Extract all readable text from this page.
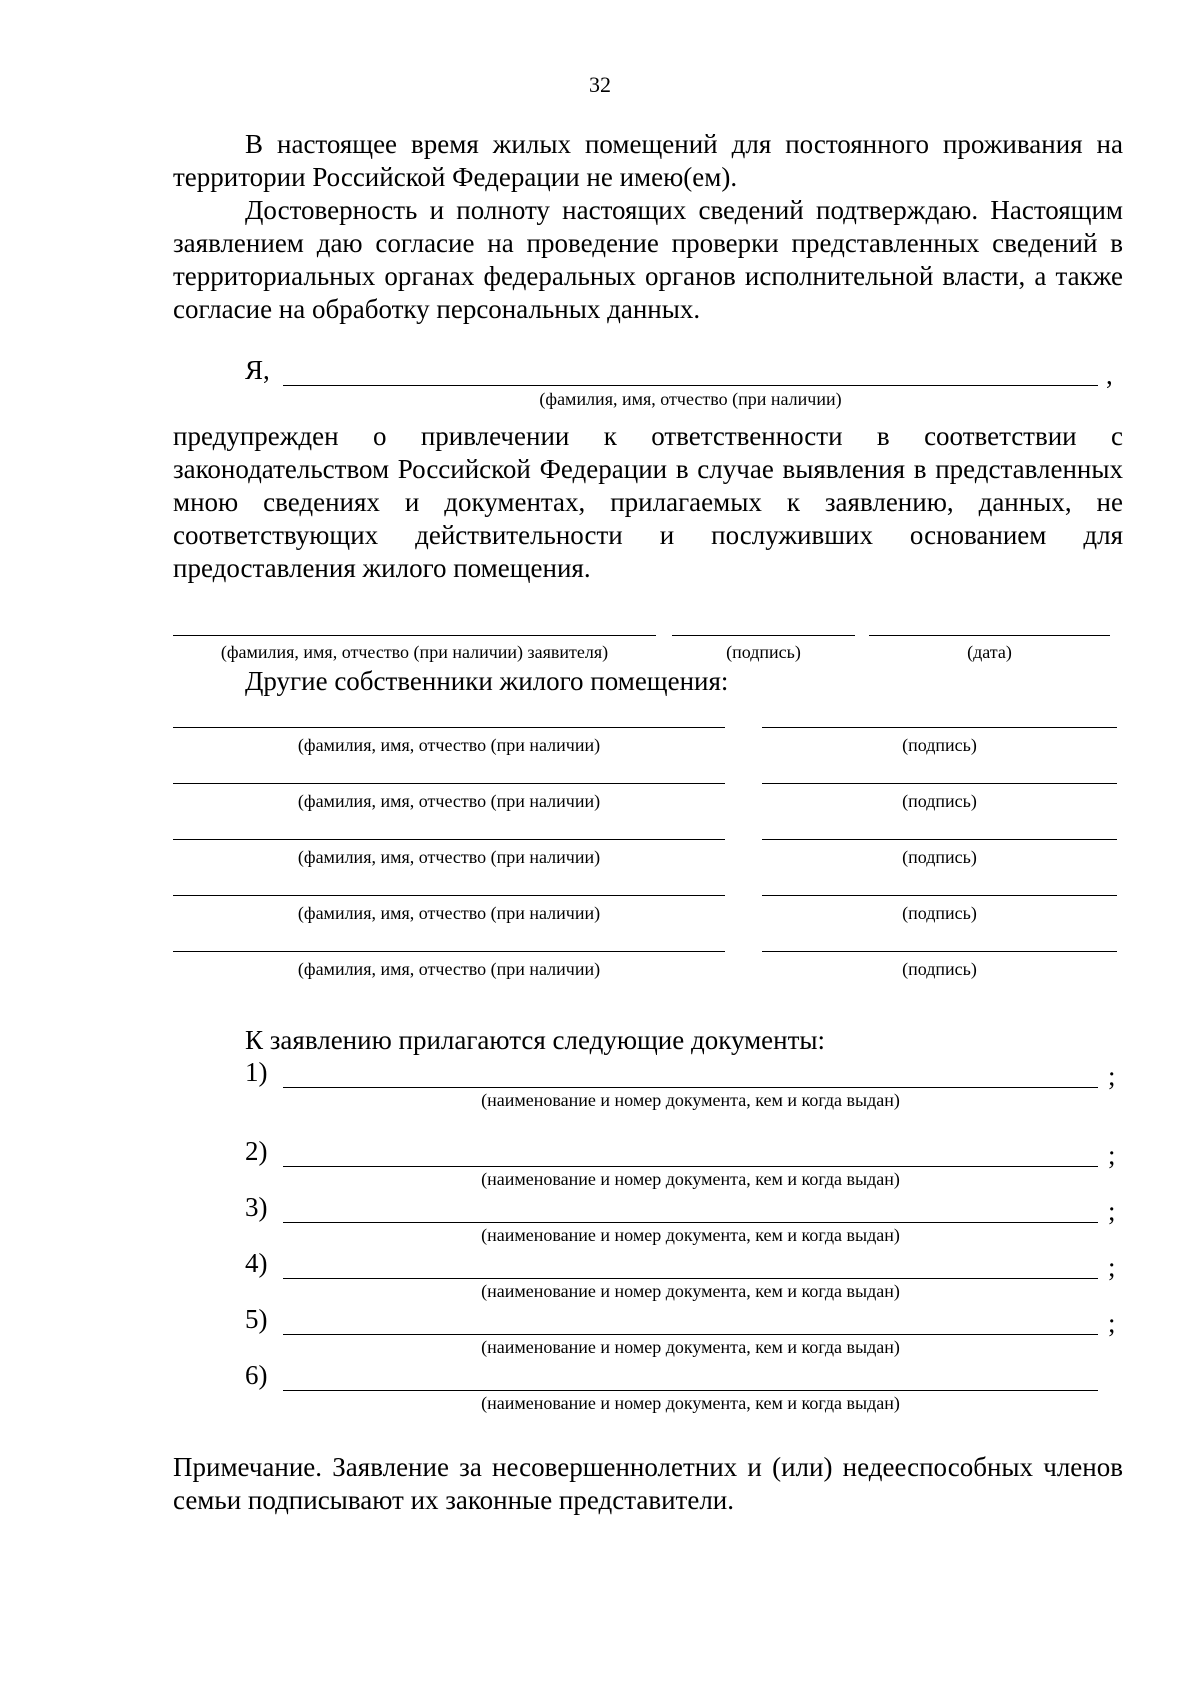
32
В настоящее время жилых помещений для постоянного проживания на территории Российской Федерации не имею(ем).
Достоверность и полноту настоящих сведений подтверждаю. Настоящим заявлением даю согласие на проведение проверки представленных сведений в территориальных органах федеральных органов исполнительной власти, а также согласие на обработку персональных данных.
Я,	,
(фамилия, имя, отчество (при наличии)
предупрежден о привлечении к ответственности в соответствии с законодательством Российской Федерации в случае выявления в представленных мною сведениях и документах, прилагаемых к заявлению, данных, не соответствующих действительности и послуживших основанием для предоставления жилого помещения.
(фамилия, имя, отчество (при наличии) заявителя)	(подпись)	(дата)
Другие собственники жилого помещения:
(фамилия, имя, отчество (при наличии)	(подпись)
(фамилия, имя, отчество (при наличии)	(подпись)
(фамилия, имя, отчество (при наличии)	(подпись)
(фамилия, имя, отчество (при наличии)	(подпись)
(фамилия, имя, отчество (при наличии)	(подпись)
К заявлению прилагаются следующие документы:
1)	;
(наименование и номер документа, кем и когда выдан)
2)	;
(наименование и номер документа, кем и когда выдан)
3)	;
(наименование и номер документа, кем и когда выдан)
4)	;
(наименование и номер документа, кем и когда выдан)
5)	;
(наименование и номер документа, кем и когда выдан)
6)
(наименование и номер документа, кем и когда выдан)
Примечание. Заявление за несовершеннолетних и (или) недееспособных членов семьи подписывают их законные представители.
